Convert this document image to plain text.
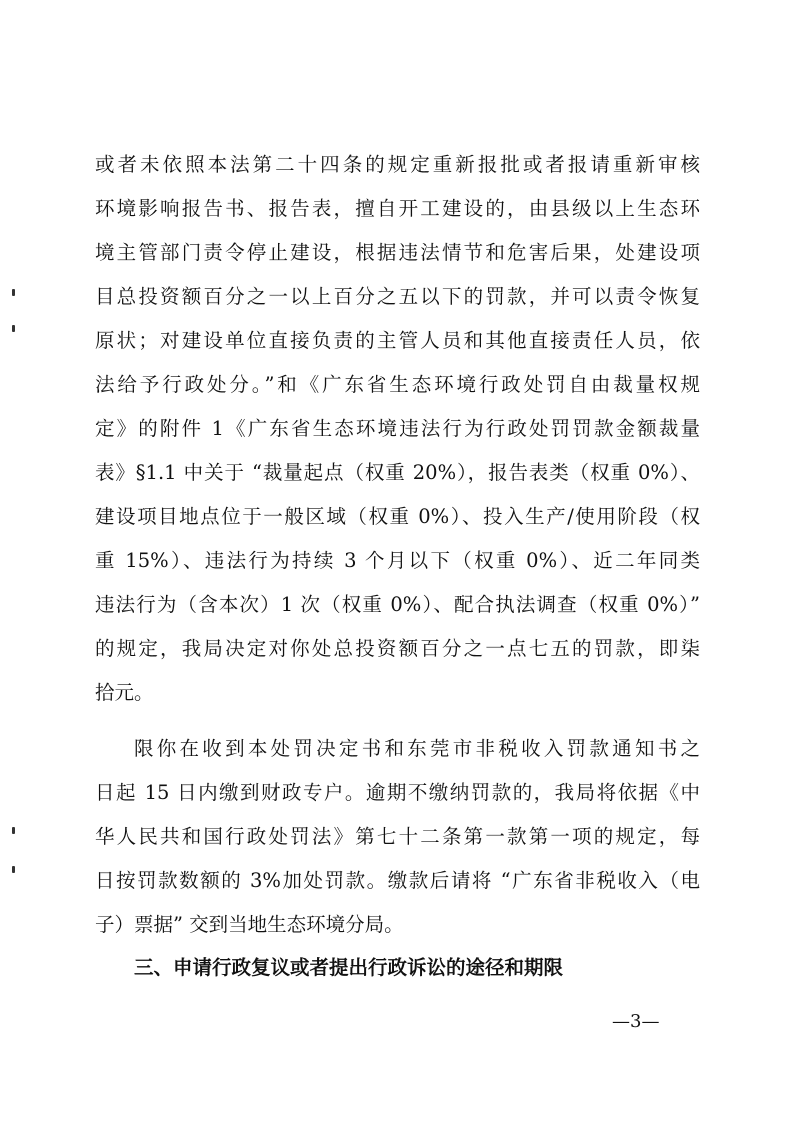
或者未依照本法第二十四条的规定重新报批或者报请重新审核
环境影响报告书、报告表，擅自开工建设的，由县级以上生态环
境主管部门责令停止建设，根据违法情节和危害后果，处建设项
目总投资额百分之一以上百分之五以下的罚款，并可以责令恢复
原状；对建设单位直接负责的主管人员和其他直接责任人员，依
法给予行政处分。”和《广东省生态环境行政处罚自由裁量权规
定》的附件 1《广东省生态环境违法行为行政处罚罚款金额裁量
表》§1.1 中关于 “裁量起点（权重 20%），报告表类（权重 0%）、
建设项目地点位于一般区域（权重 0%）、投入生产/使用阶段（权
重 15%）、违法行为持续 3 个月以下（权重 0%）、近二年同类
违法行为（含本次）1 次（权重 0%）、配合执法调查（权重 0%）”
的规定，我局决定对你处总投资额百分之一点七五的罚款，即柒
拾元。
限你在收到本处罚决定书和东莞市非税收入罚款通知书之
日起 15 日内缴到财政专户。逾期不缴纳罚款的，我局将依据《中
华人民共和国行政处罚法》第七十二条第一款第一项的规定，每
日按罚款数额的 3%加处罚款。缴款后请将 “广东省非税收入（电
子）票据” 交到当地生态环境分局。
三、申请行政复议或者提出行政诉讼的途径和期限
—3—
